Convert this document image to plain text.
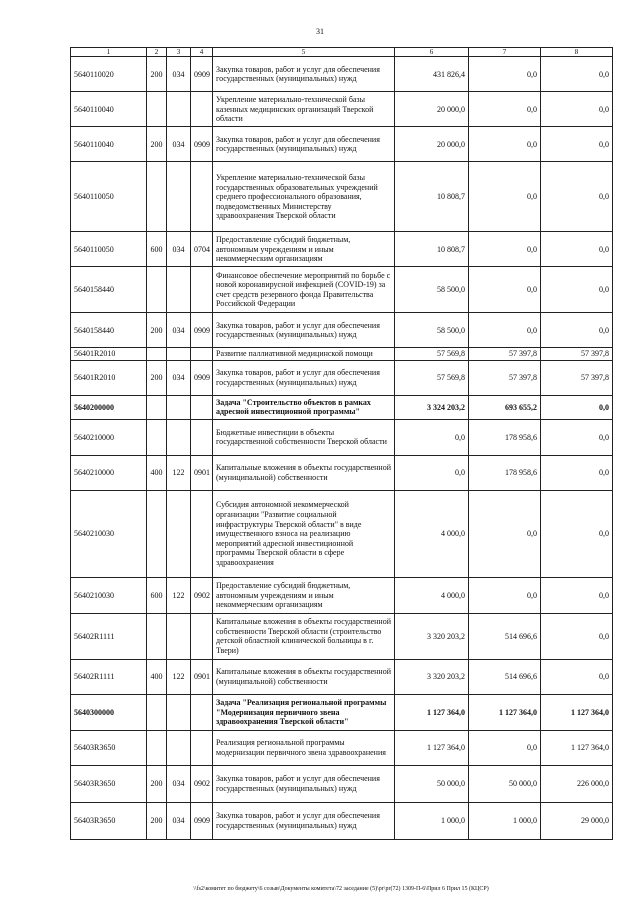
31
1	2	3	4	5	6	7	8
5640110020	200	034	0909	Закупка товаров, работ и услуг для обеспечения государственных (муниципальных) нужд	431 826,4	0,0	0,0
5640110040				Укрепление материально-технической базы казенных медицинских организаций Тверской области	20 000,0	0,0	0,0
5640110040	200	034	0909	Закупка товаров, работ и услуг для обеспечения государственных (муниципальных) нужд	20 000,0	0,0	0,0
5640110050				Укрепление материально-технической базы государственных образовательных учреждений среднего профессионального образования, подведомственных Министерству здравоохранения Тверской области	10 808,7	0,0	0,0
5640110050	600	034	0704	Предоставление субсидий бюджетным, автономным учреждениям и иным некоммерческим организациям	10 808,7	0,0	0,0
5640158440				Финансовое обеспечение мероприятий по борьбе с новой коронавирусной инфекцией (COVID-19) за счет средств резервного фонда Правительства Российской Федерации	58 500,0	0,0	0,0
5640158440	200	034	0909	Закупка товаров, работ и услуг для обеспечения государственных (муниципальных) нужд	58 500,0	0,0	0,0
56401R2010				Развитие паллиативной медицинской помощи	57 569,8	57 397,8	57 397,8
56401R2010	200	034	0909	Закупка товаров, работ и услуг для обеспечения государственных (муниципальных) нужд	57 569,8	57 397,8	57 397,8
5640200000				Задача "Строительство объектов в рамках адресной инвестиционной программы"	3 324 203,2	693 655,2	0,0
5640210000				Бюджетные инвестиции в объекты государственной собственности Тверской области	0,0	178 958,6	0,0
5640210000	400	122	0901	Капитальные вложения в объекты государственной (муниципальной) собственности	0,0	178 958,6	0,0
5640210030				Субсидия автономной некоммерческой организации "Развитие социальной инфраструктуры Тверской области" в виде имущественного взноса на реализацию мероприятий адресной инвестиционной программы Тверской области в сфере здравоохранения	4 000,0	0,0	0,0
5640210030	600	122	0902	Предоставление субсидий бюджетным, автономным учреждениям и иным некоммерческим организациям	4 000,0	0,0	0,0
56402R1111				Капитальные вложения в объекты государственной собственности Тверской области (строительство детской областной клинической больницы в г. Твери)	3 320 203,2	514 696,6	0,0
56402R1111	400	122	0901	Капитальные вложения в объекты государственной (муниципальной) собственности	3 320 203,2	514 696,6	0,0
5640300000				Задача "Реализация региональной программы "Модернизация первичного звена здравоохранения Тверской области"	1 127 364,0	1 127 364,0	1 127 364,0
56403R3650				Реализация региональной программы модернизации первичного звена здравоохранения	1 127 364,0	0,0	1 127 364,0
56403R3650	200	034	0902	Закупка товаров, работ и услуг для обеспечения государственных (муниципальных) нужд	50 000,0	50 000,0	226 000,0
56403R3650	200	034	0909	Закупка товаров, работ и услуг для обеспечения государственных (муниципальных) нужд	1 000,0	1 000,0	29 000,0
\\fs2\комитет по бюджету\6 созыв\Документы комитета\72 заседание (5)\pr\pr(72) 1309-П-6\Прил 6 Прил 15 (КЦСР)
